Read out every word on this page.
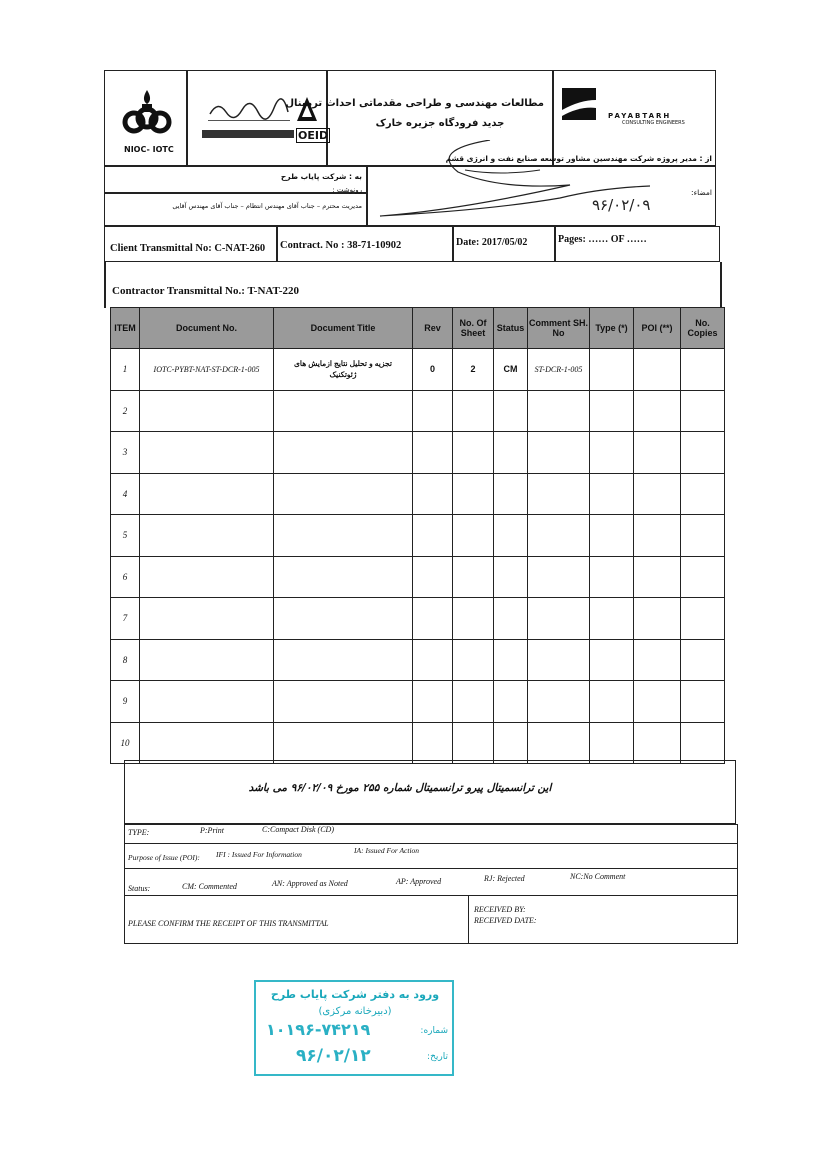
NIOC- IOTC
OEID
مطالعات مهندسی و طراحی مقدماتی احداث ترمینال
جدید فرودگاه جزیره خارک
PAYABTARH
CONSULTING ENGINEERS
از : مدیر پروژه شرکت مهندسین مشاور توسعه صنایع نفت و انرژی قشم
به : شرکت پایاب طرح
امضاء:
رونوشت :
مدیریت محترم – جناب آقای مهندس انتظام – جناب آقای مهندس آقایی	۹۶/۰۲/۰۹
Client Transmittal No: C-NAT-260 Contract. No : 38-71-10902	Date: 2017/05/02	Pages: …… OF ……
Contractor Transmittal No.: T-NAT-220
ITEM	Document No.	Document Title	Rev	No. Of Sheet	Status	Comment SH. No	Type (*)	POI (**)	No. Copies
1	IOTC-PYBT-NAT-ST-DCR-1-005	تجزیه و تحلیل نتایج ازمایش های ژئوتکنیک	0	2	CM	ST-DCR-1-005			
2									
3									
4									
5									
6									
7									
8									
9									
10									
این ترانسمیتال پیرو ترانسمیتال شماره ۲۵۵ مورخ ۹۶/۰۲/۰۹ می باشد
TYPE:	P:Print	C:Compact Disk (CD)
Purpose of Issue (POI): IFI : Issued For Information	IA: Issued For Action
Status:	CM: Commented	AN: Approved as Noted	AP: Approved	RJ: Rejected	NC:No Comment
PLEASE CONFIRM THE RECEIPT OF THIS TRANSMITTAL
RECEIVED BY:
RECEIVED DATE:
ورود به دفتر شرکت پایاب طرح
(دبیرخانه مرکزی)
شماره:
۱۰۱۹۶-۷۴۲۱۹
تاریخ:
۹۶/۰۲/۱۲
